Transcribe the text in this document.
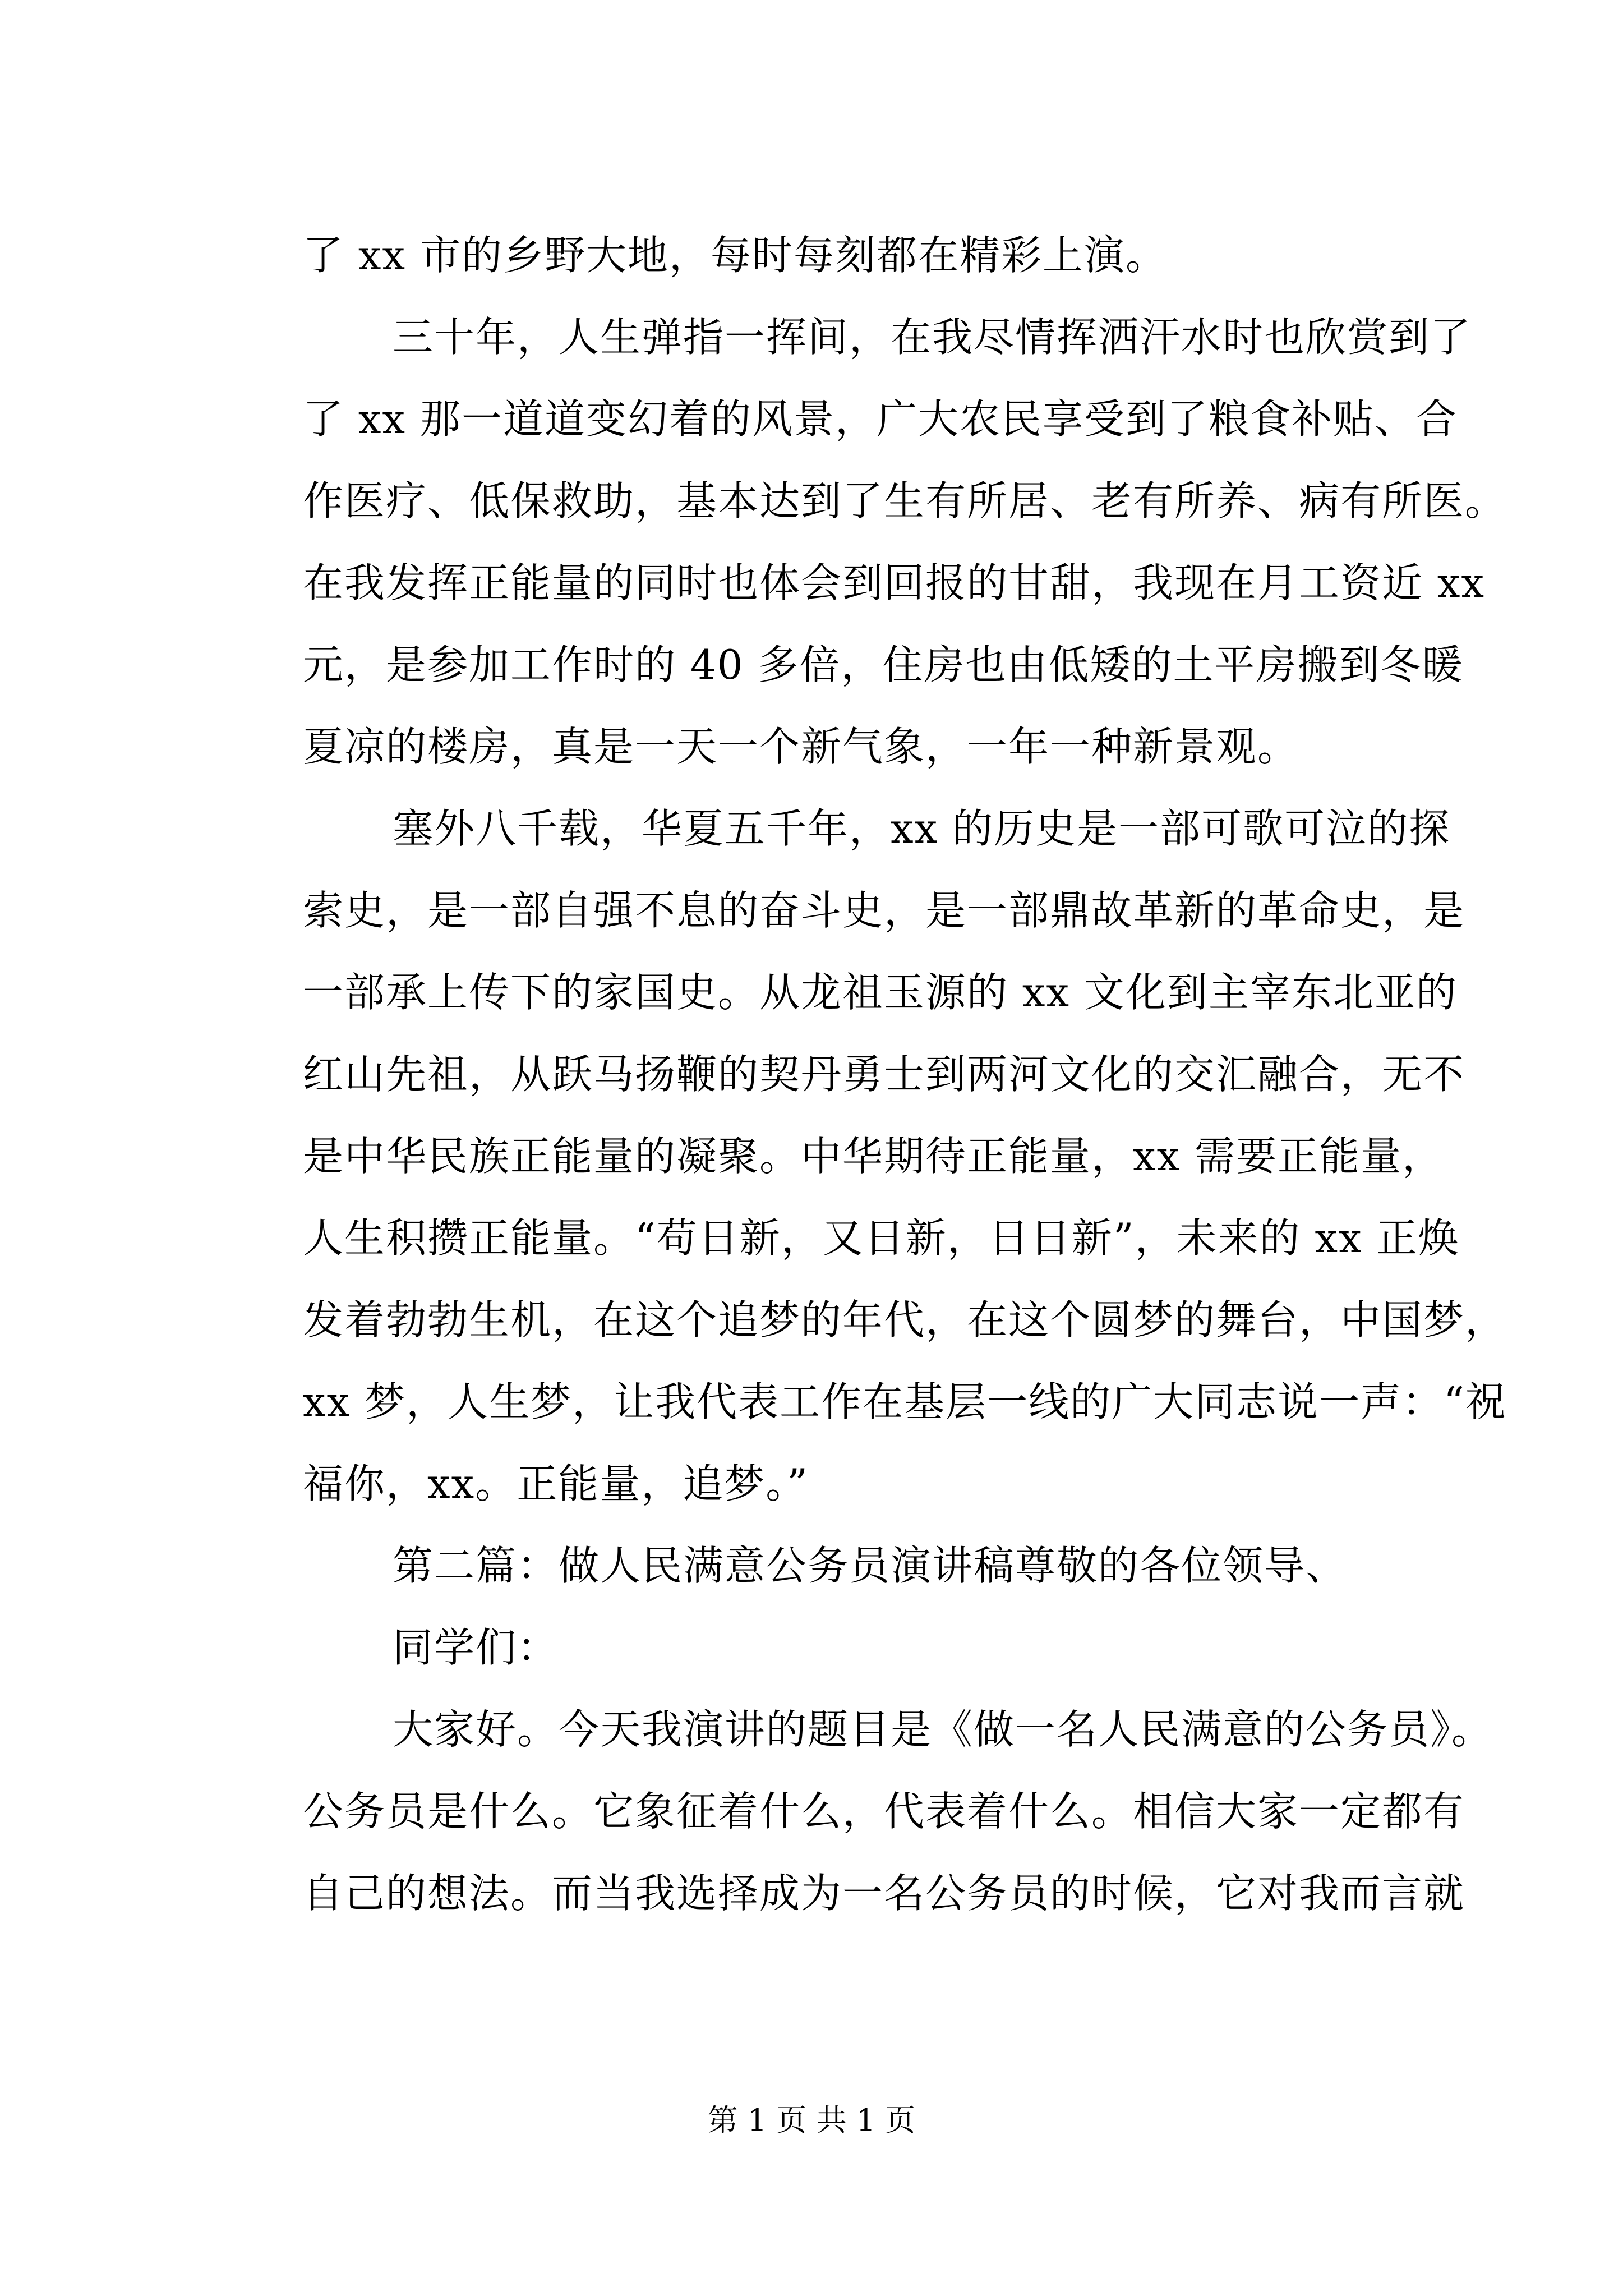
了 xx 市的乡野大地，每时每刻都在精彩上演。

三十年，人生弹指一挥间，在我尽情挥洒汗水时也欣赏到了
了 xx 那一道道变幻着的风景，广大农民享受到了粮食补贴、合
作医疗、低保救助，基本达到了生有所居、老有所养、病有所医。
在我发挥正能量的同时也体会到回报的甘甜，我现在月工资近 xx
元，是参加工作时的 40 多倍，住房也由低矮的土平房搬到冬暖
夏凉的楼房，真是一天一个新气象，一年一种新景观。

塞外八千载，华夏五千年，xx 的历史是一部可歌可泣的探
索史，是一部自强不息的奋斗史，是一部鼎故革新的革命史，是
一部承上传下的家国史。从龙祖玉源的 xx 文化到主宰东北亚的
红山先祖，从跃马扬鞭的契丹勇士到两河文化的交汇融合，无不
是中华民族正能量的凝聚。中华期待正能量，xx 需要正能量，
人生积攒正能量。“苟日新，又日新，日日新”，未来的 xx 正焕
发着勃勃生机，在这个追梦的年代，在这个圆梦的舞台，中国梦，
xx 梦，人生梦，让我代表工作在基层一线的广大同志说一声：“祝
福你，xx。正能量，追梦。”

第二篇：做人民满意公务员演讲稿尊敬的各位领导、

同学们：

大家好。今天我演讲的题目是《做一名人民满意的公务员》。
公务员是什么。它象征着什么，代表着什么。相信大家一定都有
自己的想法。而当我选择成为一名公务员的时候，它对我而言就

第 1 页 共 1 页
